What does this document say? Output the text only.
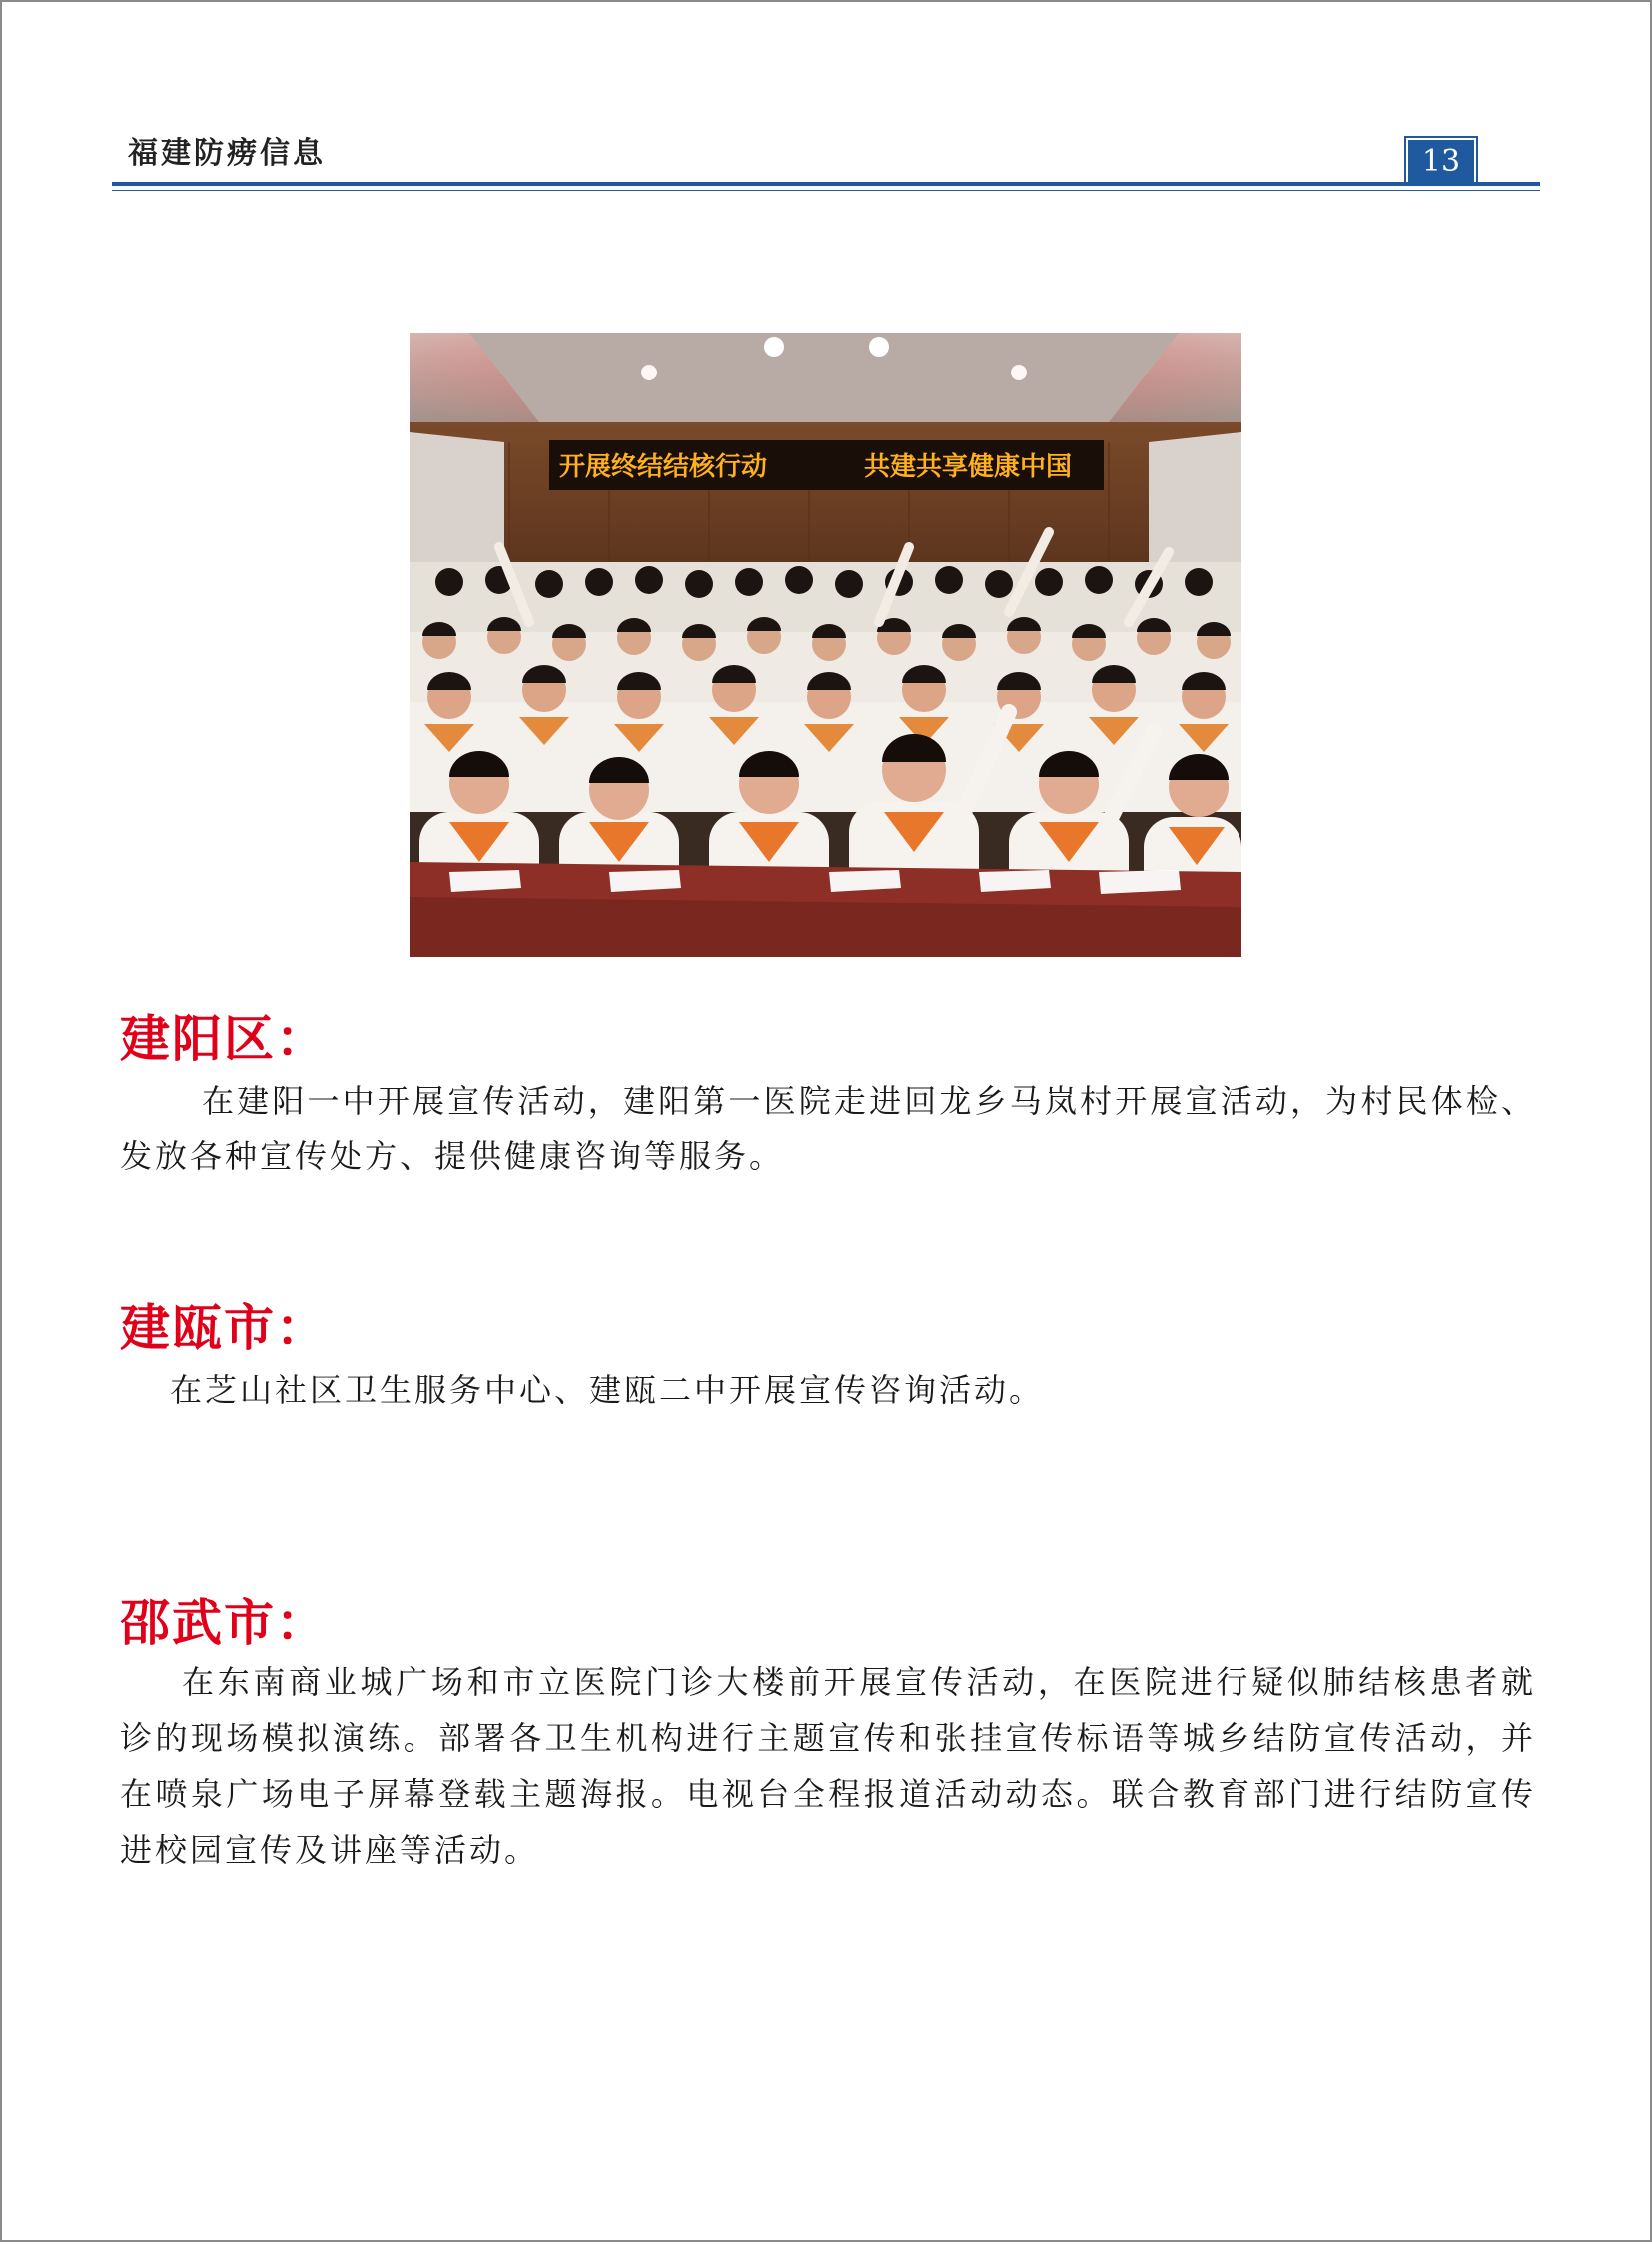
福建防痨信息	13
开展终结结核行动	共建共享健康中国
建阳区：

在建阳一中开展宣传活动，建阳第一医院走进回龙乡马岚村开展宣活动，为村民体检、发放各种宣传处方、提供健康咨询等服务。

建瓯市：

在芝山社区卫生服务中心、建瓯二中开展宣传咨询活动。

邵武市：

在东南商业城广场和市立医院门诊大楼前开展宣传活动，在医院进行疑似肺结核患者就诊的现场模拟演练。部署各卫生机构进行主题宣传和张挂宣传标语等城乡结防宣传活动，并在喷泉广场电子屏幕登载主题海报。电视台全程报道活动动态。联合教育部门进行结防宣传进校园宣传及讲座等活动。
